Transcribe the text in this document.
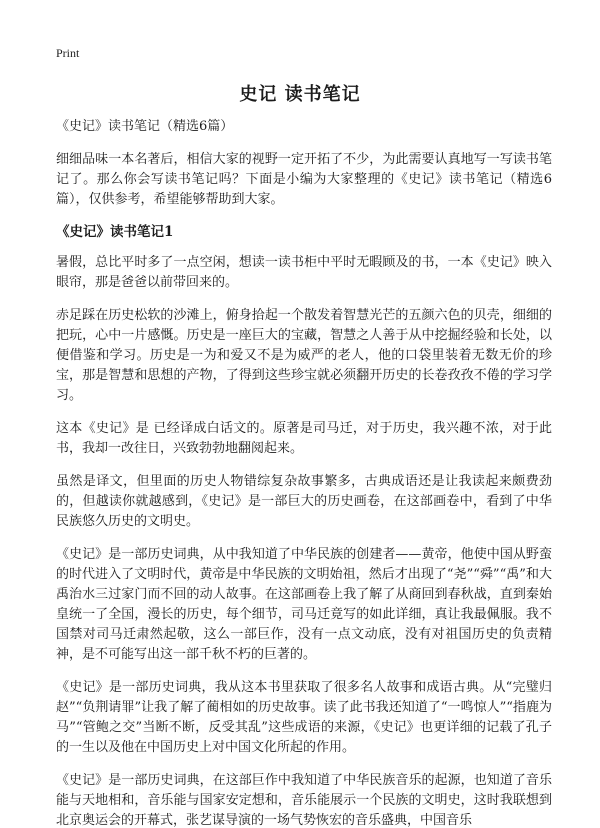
Print
史记 读书笔记

《史记》读书笔记（精选6篇）

细细品味一本名著后，相信大家的视野一定开拓了不少，为此需要认真地写一写读书笔记了。那么你会写读书笔记吗？下面是小编为大家整理的《史记》读书笔记（精选6篇），仅供参考，希望能够帮助到大家。

《史记》读书笔记1

暑假，总比平时多了一点空闲，想读一读书柜中平时无暇顾及的书，一本《史记》映入眼帘，那是爸爸以前带回来的。

赤足踩在历史松软的沙滩上，俯身拾起一个散发着智慧光芒的五颜六色的贝壳，细细的把玩，心中一片感慨。历史是一座巨大的宝藏，智慧之人善于从中挖掘经验和长处，以便借鉴和学习。历史是一为和爱又不是为威严的老人，他的口袋里装着无数无价的珍宝，那是智慧和思想的产物，了得到这些珍宝就必须翻开历史的长卷孜孜不倦的学习学习。

这本《史记》是 已经译成白话文的。原著是司马迁，对于历史，我兴趣不浓，对于此书，我却一改往日，兴致勃勃地翻阅起来。

虽然是译文，但里面的历史人物错综复杂故事繁多，古典成语还是让我读起来颇费劲的，但越读你就越感到，《史记》是一部巨大的历史画卷，在这部画卷中，看到了中华民族悠久历史的文明史。

《史记》是一部历史词典，从中我知道了中华民族的创建者——黄帝，他使中国从野蛮的时代进入了文明时代，黄帝是中华民族的文明始祖，然后才出现了“尧”“舜”“禹”和大禹治水三过家门而不回的动人故事。在这部画卷上我了解了从商回到春秋战，直到秦始皇统一了全国，漫长的历史，每个细节，司马迁竟写的如此详细，真让我最佩服。我不国禁对司马迁肃然起敬，这么一部巨作，没有一点文动底，没有对祖国历史的负责精神，是不可能写出这一部千秋不朽的巨著的。

《史记》是一部历史词典，我从这本书里获取了很多名人故事和成语古典。从“完璧归赵”“负荆请罪”让我了解了蔺相如的历史故事。读了此书我还知道了“一鸣惊人”“指鹿为马”“管鲍之交”当断不断，反受其乱”这些成语的来源，《史记》也更详细的记载了孔子的一生以及他在中国历史上对中国文化所起的作用。

《史记》是一部历史词典，在这部巨作中我知道了中华民族音乐的起源，也知道了音乐能与天地相和，音乐能与国家安定想和，音乐能展示一个民族的文明史，这时我联想到北京奥运会的开幕式，张艺谋导演的一场气势恢宏的音乐盛典，中国音乐
